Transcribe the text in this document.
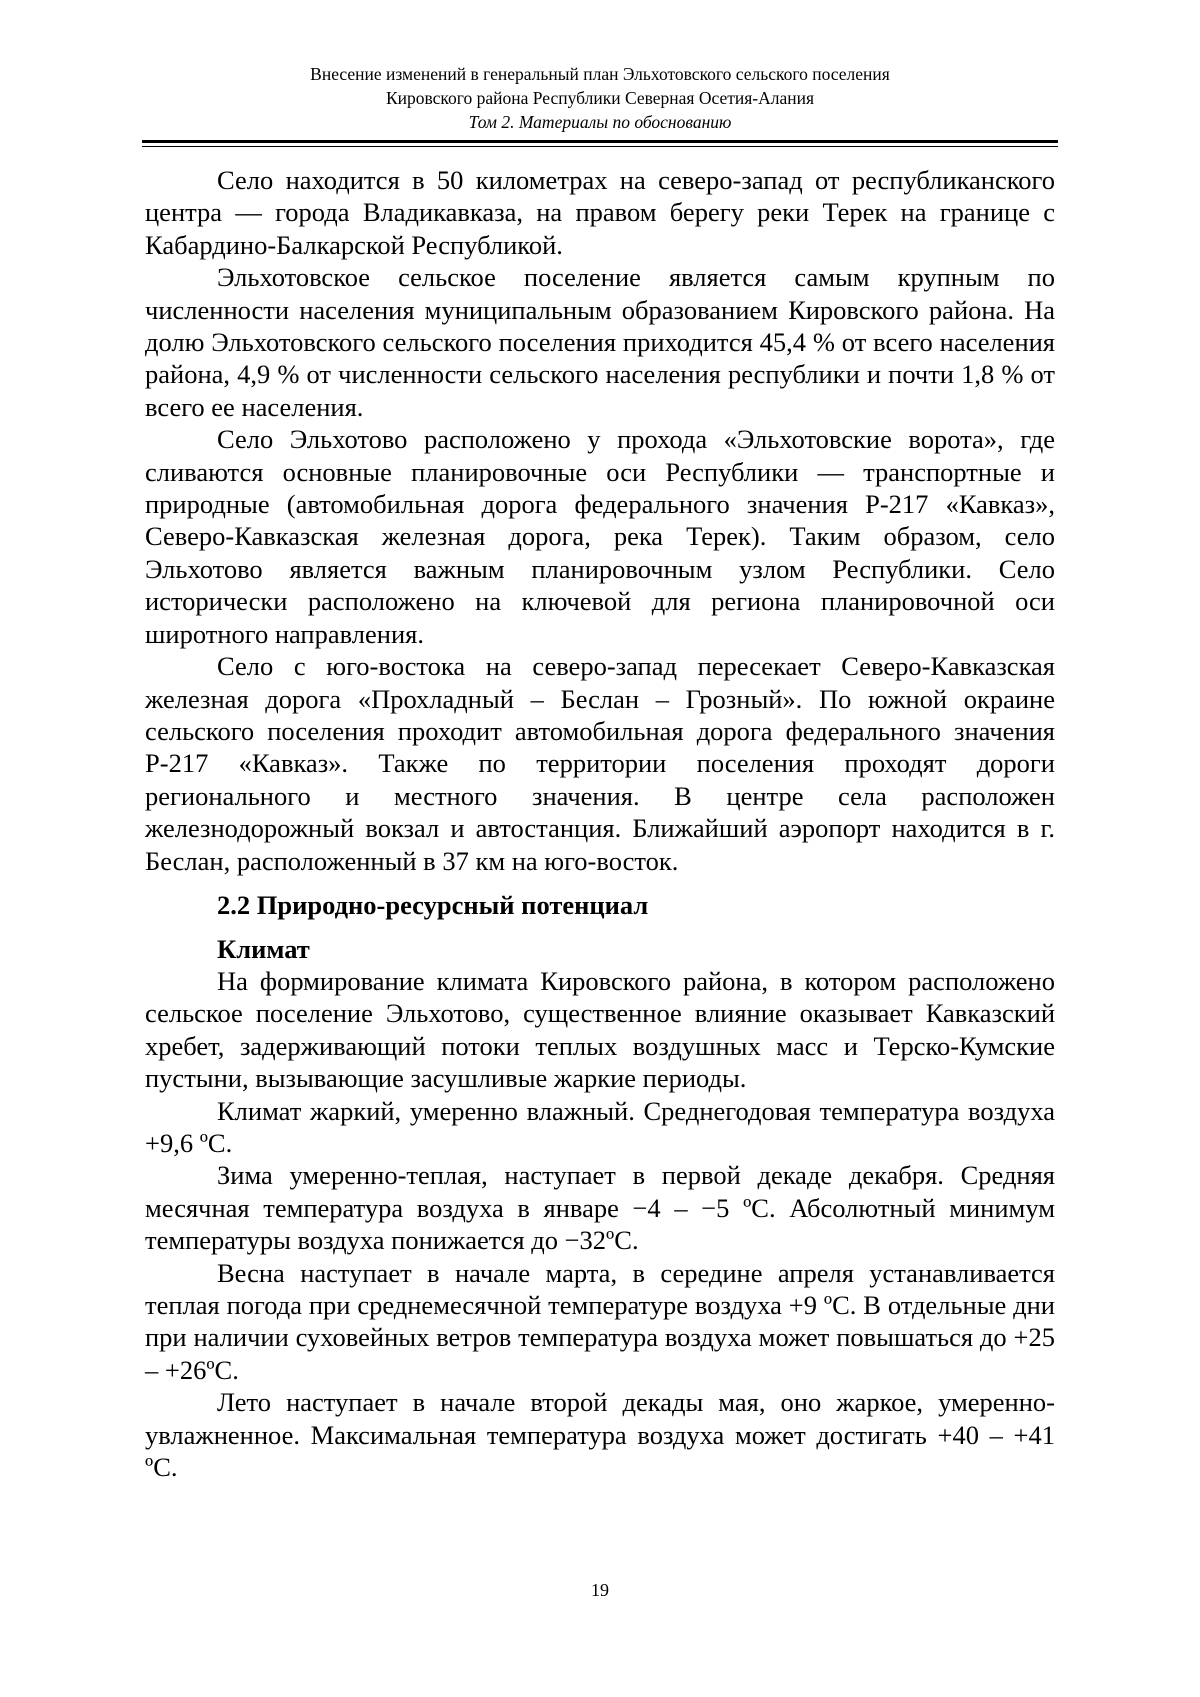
Внесение изменений в генеральный план Эльхотовского сельского поселения
Кировского района Республики Северная Осетия-Алания
Том 2. Материалы по обоснованию

Село находится в 50 километрах на северо-запад от республиканского центра — города Владикавказа, на правом берегу реки Терек на границе с Кабардино-Балкарской Республикой.

Эльхотовское сельское поселение является самым крупным по численности населения муниципальным образованием Кировского района. На долю Эльхотовского сельского поселения приходится 45,4 % от всего населения района, 4,9 % от численности сельского населения республики и почти 1,8 % от всего ее населения.

Село Эльхотово расположено у прохода «Эльхотовские ворота», где сливаются основные планировочные оси Республики — транспортные и природные (автомобильная дорога федерального значения Р-217 «Кавказ», Северо-Кавказская железная дорога, река Терек). Таким образом, село Эльхотово является важным планировочным узлом Республики. Село исторически расположено на ключевой для региона планировочной оси широтного направления.

Село с юго-востока на северо-запад пересекает Северо-Кавказская железная дорога «Прохладный – Беслан – Грозный». По южной окраине сельского поселения проходит автомобильная дорога федерального значения Р-217 «Кавказ». Также по территории поселения проходят дороги регионального и местного значения. В центре села расположен железнодорожный вокзал и автостанция. Ближайший аэропорт находится в г. Беслан, расположенный в 37 км на юго-восток.

2.2 Природно-ресурсный потенциал
Климат

На формирование климата Кировского района, в котором расположено сельское поселение Эльхотово, существенное влияние оказывает Кавказский хребет, задерживающий потоки теплых воздушных масс и Терско-Кумские пустыни, вызывающие засушливые жаркие периоды.

Климат жаркий, умеренно влажный. Среднегодовая температура воздуха +9,6 ºС.

Зима умеренно-теплая, наступает в первой декаде декабря. Средняя месячная температура воздуха в январе −4 – −5 ºС. Абсолютный минимум температуры воздуха понижается до −32ºС.

Весна наступает в начале марта, в середине апреля устанавливается теплая погода при среднемесячной температуре воздуха +9 ºС. В отдельные дни при наличии суховейных ветров температура воздуха может повышаться до +25 – +26ºС.

Лето наступает в начале второй декады мая, оно жаркое, умеренно-увлажненное. Максимальная температура воздуха может достигать +40 – +41 ºС.

19
